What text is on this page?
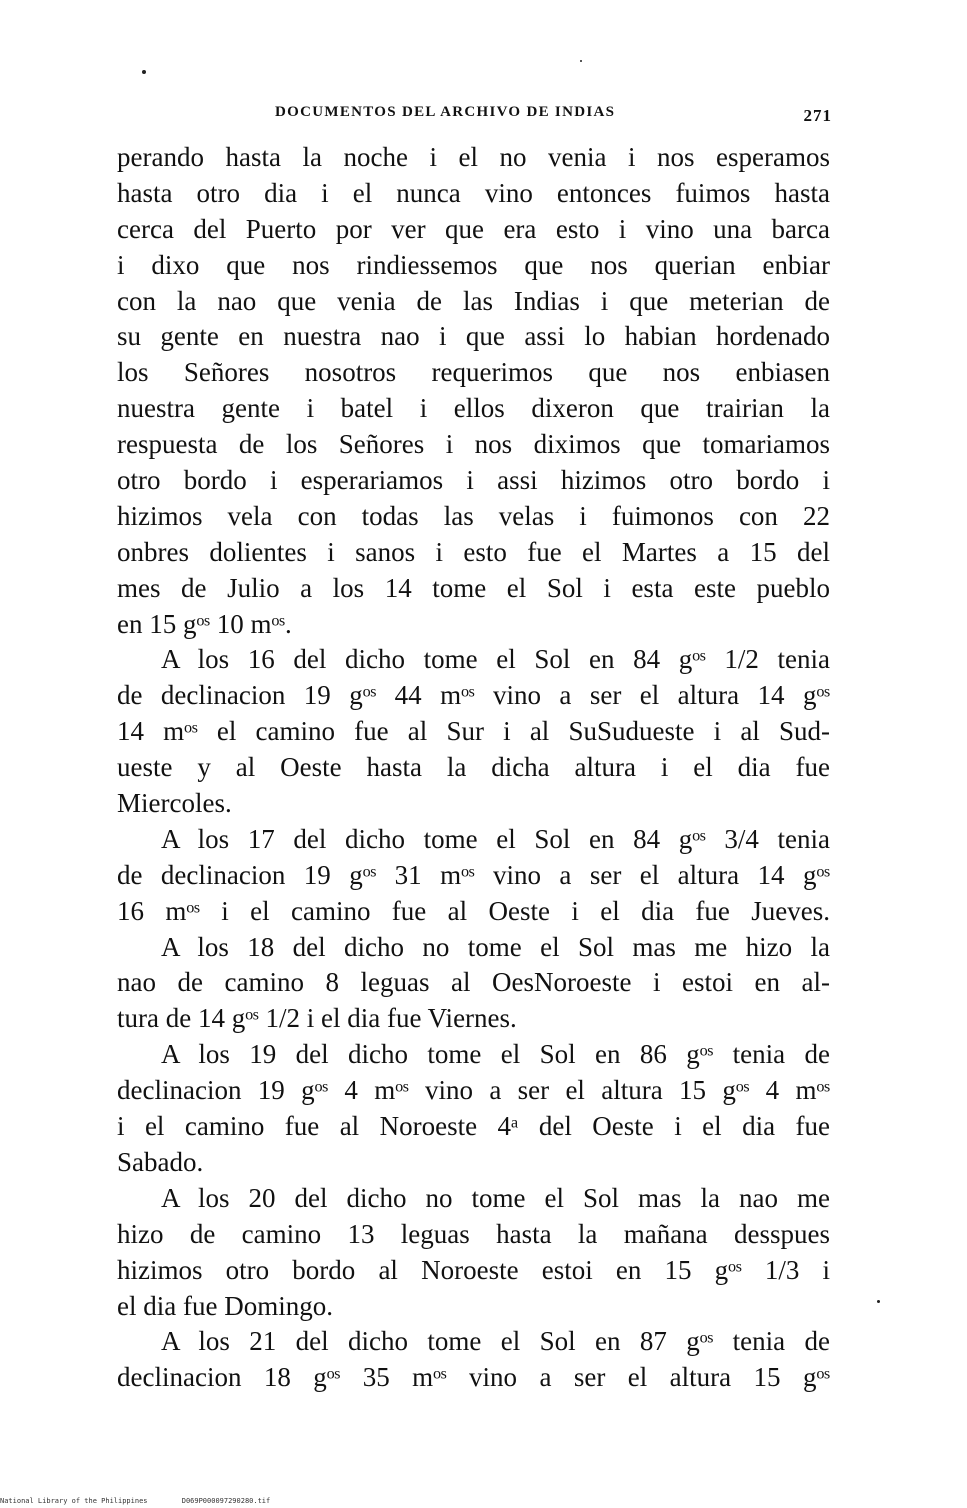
DOCUMENTOS DEL ARCHIVO DE INDIAS	271
perando hasta la noche i el no venia i nos esperamos
hasta otro dia i el nunca vino entonces fuimos hasta
cerca del Puerto por ver que era esto i vino una barca
i dixo que nos rindiessemos que nos querian enbiar
con la nao que venia de las Indias i que meterian de
su gente en nuestra nao i que assi lo habian hordenado
los Señores nosotros requerimos que nos enbiasen
nuestra gente i batel i ellos dixeron que trairian la
respuesta de los Señores i nos diximos que tomariamos
otro bordo i esperariamos i assi hizimos otro bordo i
hizimos vela con todas las velas i fuimonos con 22
onbres dolientes i sanos i esto fue el Martes a 15 del
mes de Julio a los 14 tome el Sol i esta este pueblo
en 15 gᵒˢ 10 mᵒˢ.
A los 16 del dicho tome el Sol en 84 gᵒˢ 1/2 tenia
de declinacion 19 gᵒˢ 44 mᵒˢ vino a ser el altura 14 gᵒˢ
14 mᵒˢ el camino fue al Sur i al SuSudueste i al Sud-
ueste y al Oeste hasta la dicha altura i el dia fue
Miercoles.
A los 17 del dicho tome el Sol en 84 gᵒˢ 3/4 tenia
de declinacion 19 gᵒˢ 31 mᵒˢ vino a ser el altura 14 gᵒˢ
16 mᵒˢ i el camino fue al Oeste i el dia fue Jueves.
A los 18 del dicho no tome el Sol mas me hizo la
nao de camino 8 leguas al OesNoroeste i estoi en al-
tura de 14 gᵒˢ 1/2 i el dia fue Viernes.
A los 19 del dicho tome el Sol en 86 gᵒˢ tenia de
declinacion 19 gᵒˢ 4 mᵒˢ vino a ser el altura 15 gᵒˢ 4 mᵒˢ
i el camino fue al Noroeste 4ᵃ del Oeste i el dia fue
Sabado.
A los 20 del dicho no tome el Sol mas la nao me
hizo de camino 13 leguas hasta la mañana desspues
hizimos otro bordo al Noroeste estoi en 15 gᵒˢ 1/3 i
el dia fue Domingo.
A los 21 del dicho tome el Sol en 87 gᵒˢ tenia de
declinacion 18 gᵒˢ 35 mᵒˢ vino a ser el altura 15 gᵒˢ
National Library of the Philippines	D069P000097290280.tif
